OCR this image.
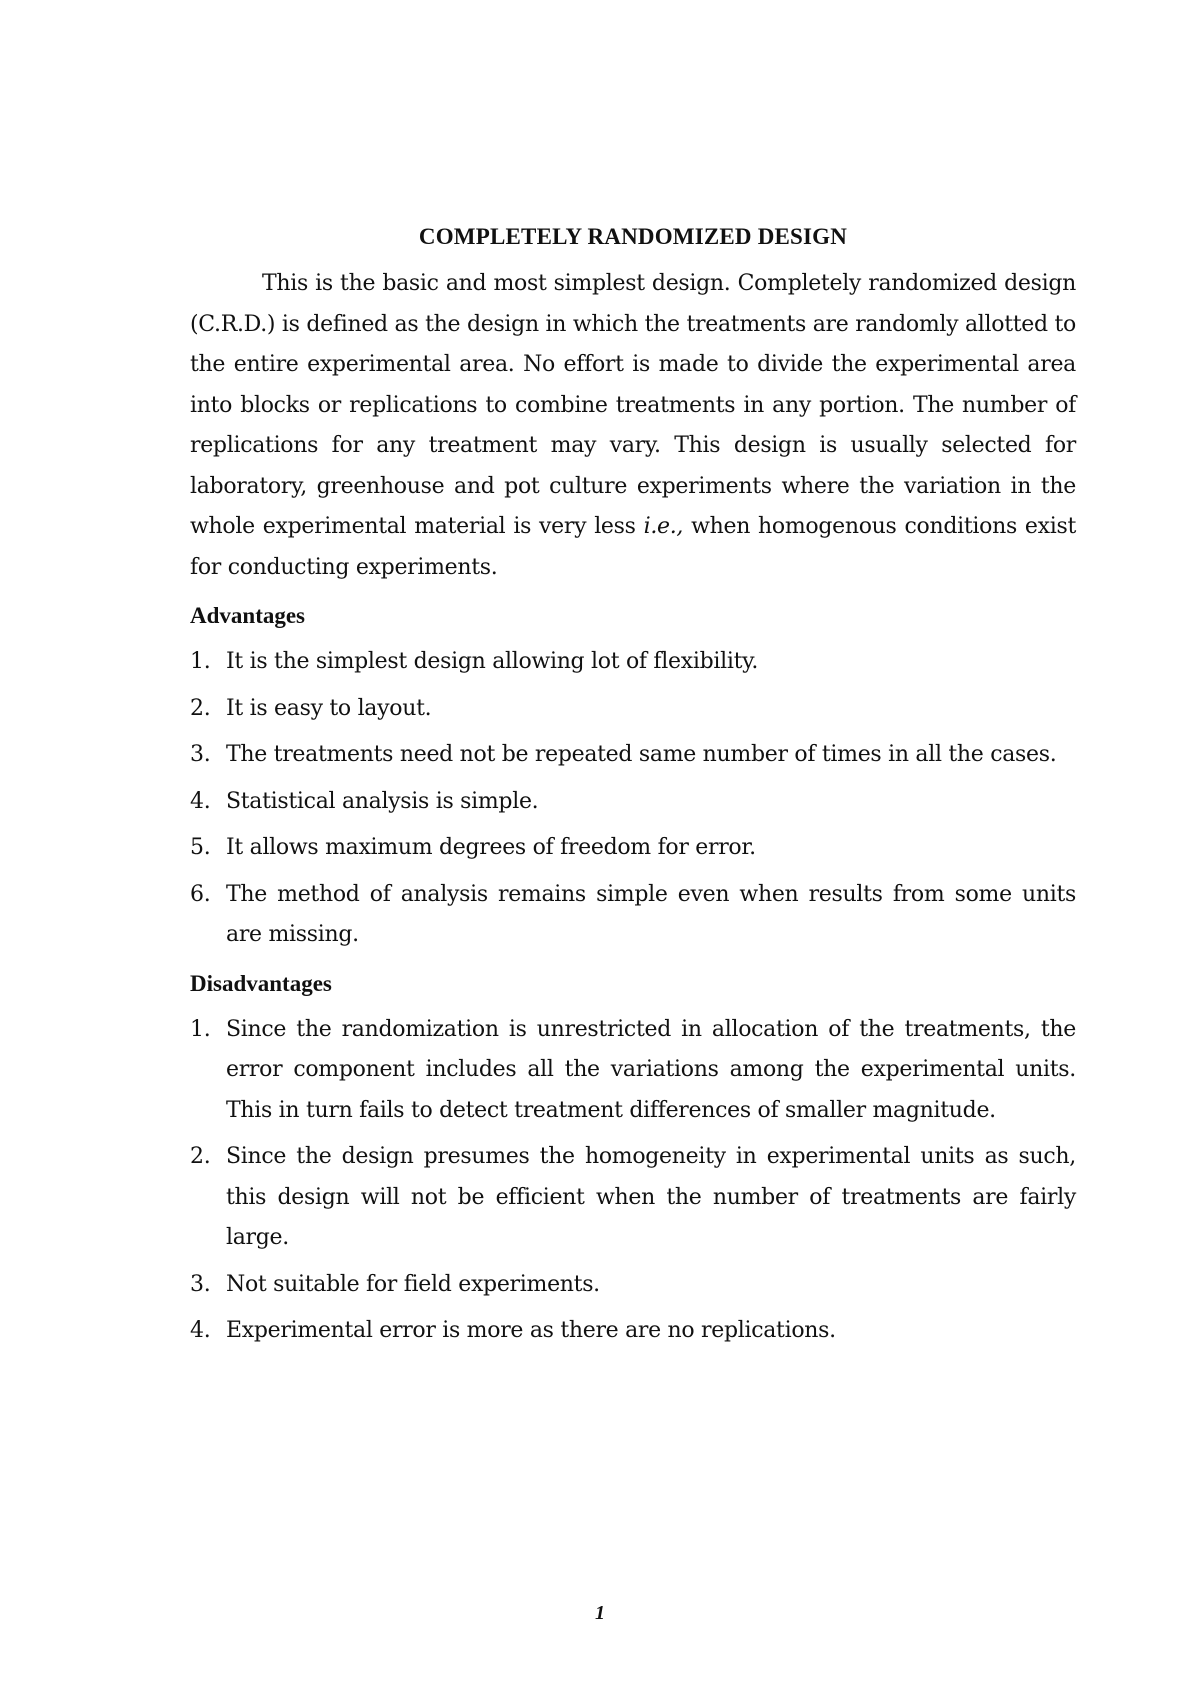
COMPLETELY RANDOMIZED DESIGN

This is the basic and most simplest design. Completely randomized design (C.R.D.) is defined as the design in which the treatments are randomly allotted to the entire experimental area. No effort is made to divide the experimental area into blocks or replications to combine treatments in any portion. The number of replications for any treatment may vary. This design is usually selected for laboratory, greenhouse and pot culture experiments where the variation in the whole experimental material is very less i.e., when homogenous conditions exist for conducting experiments.

Advantages
1. It is the simplest design allowing lot of flexibility.
2. It is easy to layout.
3. The treatments need not be repeated same number of times in all the cases.
4. Statistical analysis is simple.
5. It allows maximum degrees of freedom for error.
6. The method of analysis remains simple even when results from some units are missing.
Disadvantages
1. Since the randomization is unrestricted in allocation of the treatments, the error component includes all the variations among the experimental units. This in turn fails to detect treatment differences of smaller magnitude.
2. Since the design presumes the homogeneity in experimental units as such, this design will not be efficient when the number of treatments are fairly large.
3. Not suitable for field experiments.
4. Experimental error is more as there are no replications.
1
